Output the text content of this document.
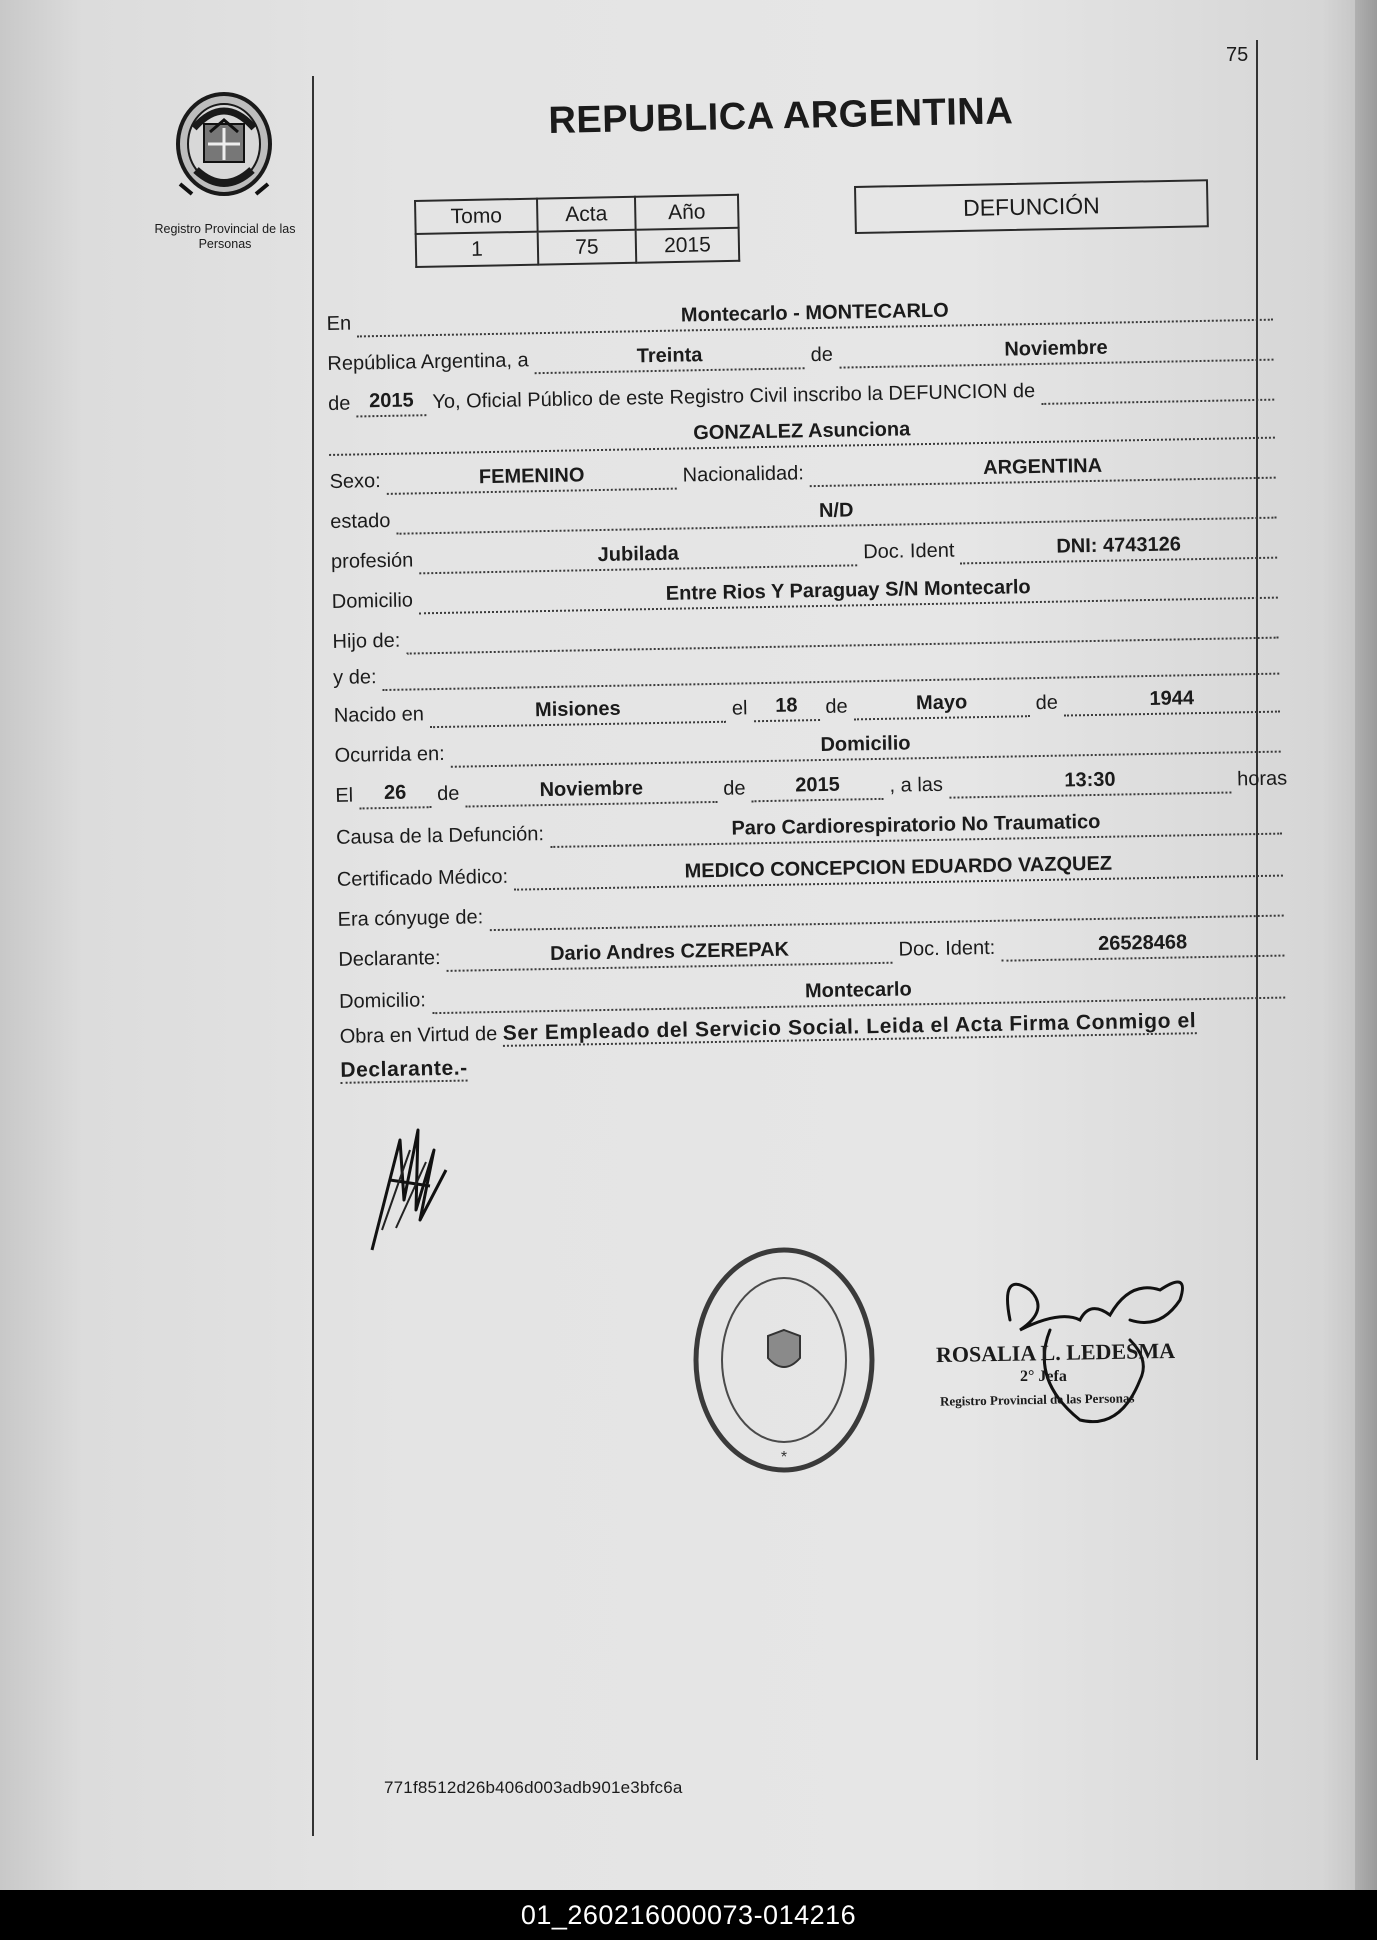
75
Registro Provincial de las Personas
REPUBLICA ARGENTINA
Tomo	Acta	Año
1	75	2015
DEFUNCIÓN
En	Montecarlo - MONTECARLO
República Argentina, a	Treinta	de	Noviembre
de 2015 Yo, Oficial Público de este Registro Civil inscribo la DEFUNCION de
GONZALEZ Asunciona
Sexo:	FEMENINO	Nacionalidad:	ARGENTINA
estado	N/D
profesión	Jubilada	Doc. Ident	DNI: 4743126
Domicilio	Entre Rios Y Paraguay S/N Montecarlo
Hijo de:
y de:
Nacido en	Misiones	el	18	de	Mayo	de	1944
Ocurrida en:	Domicilio
El	26	de	Noviembre	de	2015	, a las	13:30	horas
Causa de la Defunción:	Paro Cardiorespiratorio No Traumatico
Certificado Médico:	MEDICO CONCEPCION EDUARDO VAZQUEZ
Era cónyuge de:
Declarante:	Dario Andres CZEREPAK	Doc. Ident:	26528468
Domicilio:	Montecarlo
Obra en Virtud de Ser Empleado del Servicio Social. Leida el Acta Firma Conmigo el Declarante.-
*
ROSALIA L. LEDESMA
2° Jefa
Registro Provincial de las Personas
771f8512d26b406d003adb901e3bfc6a
01_260216000073-014216
